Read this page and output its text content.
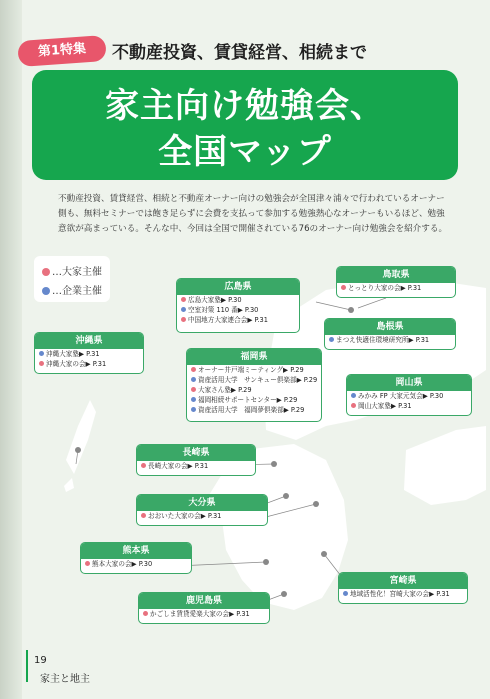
第1特集	不動産投資、賃貸経営、相続まで
家主向け勉強会、
全国マップ
不動産投資、賃貸経営、相続と不動産オーナー向けの勉強会が全国津々浦々で行われているオーナー側も、無料セミナーでは飽き足らずに会費を支払って参加する勉強熱心なオーナーもいるほど、勉強意欲が高まっている。そんな中、今回は全国で開催されている76のオーナー向け勉強会を紹介する。
…大家主催
…企業主催
鳥取県
とっとり大家の会▶ P.31
広島県
広島大家塾▶ P.30
空室対策 110 番▶ P.30
中国地方大家連合会▶ P.31
島根県
まつえ快適住環境研究所▶ P.31
沖縄県
沖縄大家塾▶ P.31
沖縄大家の会▶ P.31
福岡県
オーナー井戸端ミーティング▶ P.29
資産活用大学　サンキュー倶楽部▶ P.29
大家さん塾▶ P.29
福岡相続サポートセンター▶ P.29
資産活用大学　福岡夢倶楽部▶ P.29
岡山県
みかみ FP 大家元気会▶ P.30
岡山大家塾▶ P.31
長崎県
長崎大家の会▶ P.31
大分県
おおいた大家の会▶ P.31
熊本県
熊本大家の会▶ P.30
宮崎県
地域活性化！宮崎大家の会▶ P.31
鹿児島県
かごしま賃貸愛楽大家の会▶ P.31
19
家主と地主
